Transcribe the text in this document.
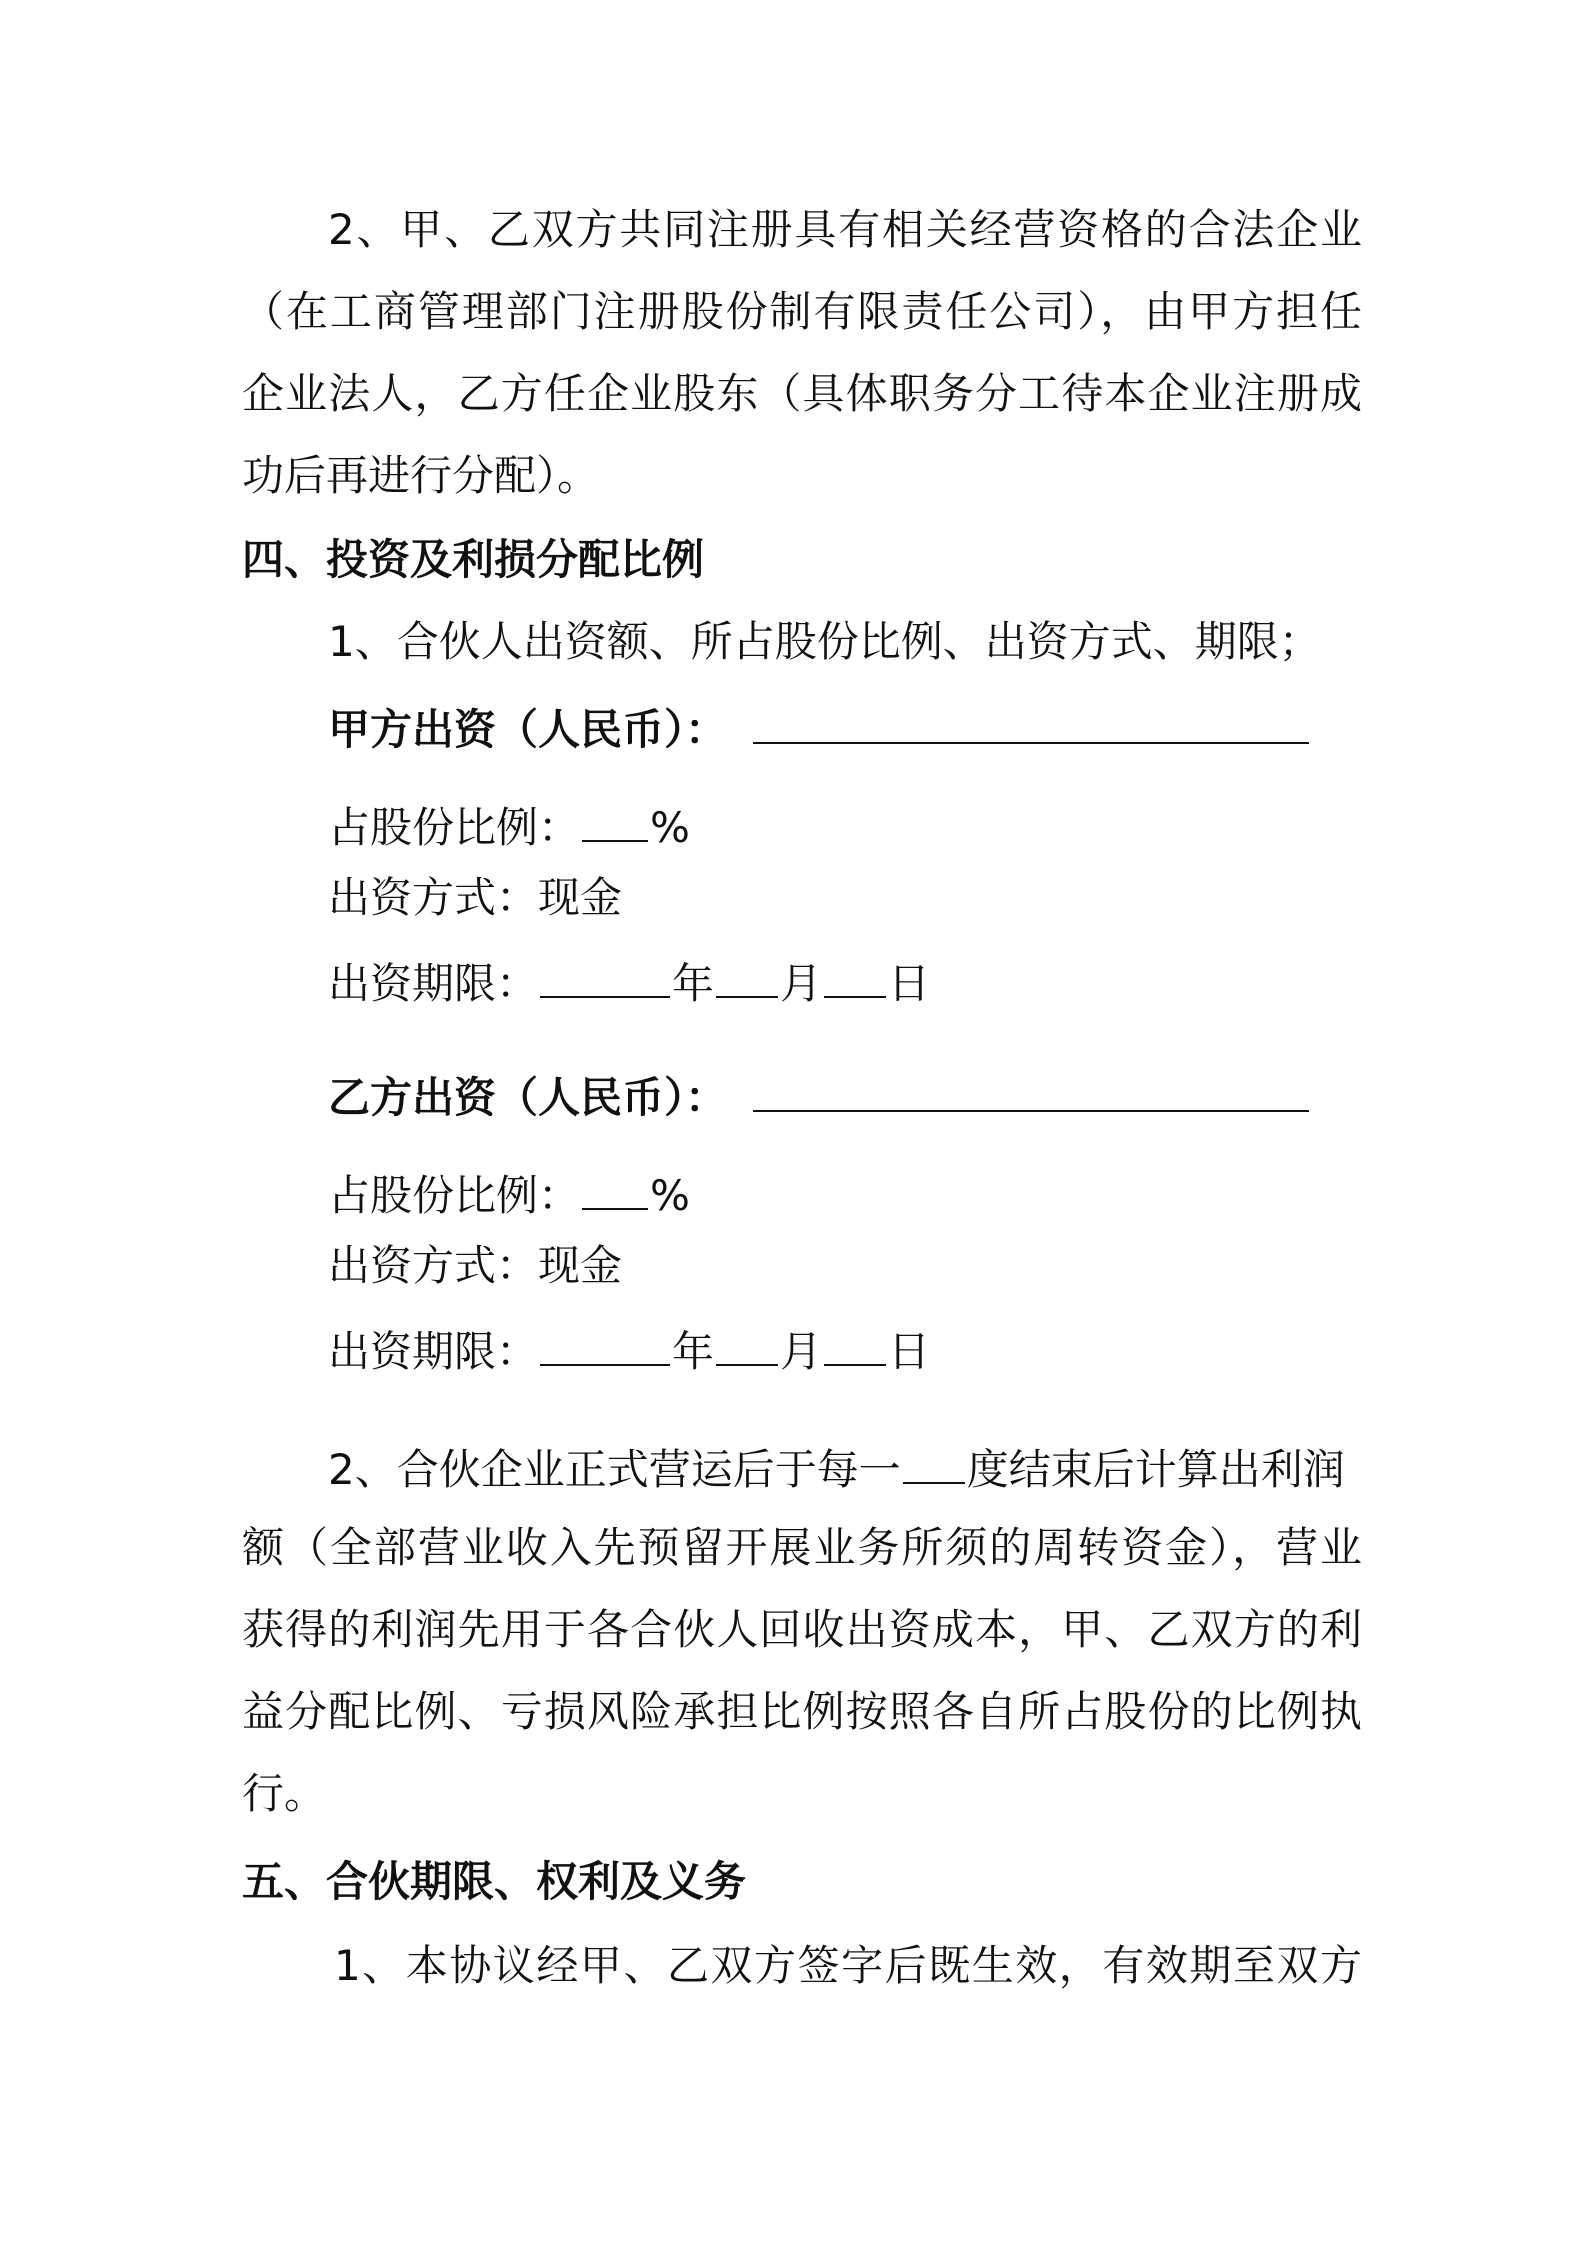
2、甲、乙双方共同注册具有相关经营资格的合法企业
（在工商管理部门注册股份制有限责任公司），由甲方担任
企业法人，乙方任企业股东（具体职务分工待本企业注册成
功后再进行分配）。
四、投资及利损分配比例
1、合伙人出资额、所占股份比例、出资方式、期限；
甲方出资（人民币）：
占股份比例： %
出资方式：现金
出资期限：	年 月 日
乙方出资（人民币）：
占股份比例： %
出资方式：现金
出资期限：	年 月 日
2、合伙企业正式营运后于每一 度结束后计算出利润
额（全部营业收入先预留开展业务所须的周转资金），营业
获得的利润先用于各合伙人回收出资成本，甲、乙双方的利
益分配比例、亏损风险承担比例按照各自所占股份的比例执
行。
五、合伙期限、权利及义务
1、本协议经甲、乙双方签字后既生效，有效期至双方
